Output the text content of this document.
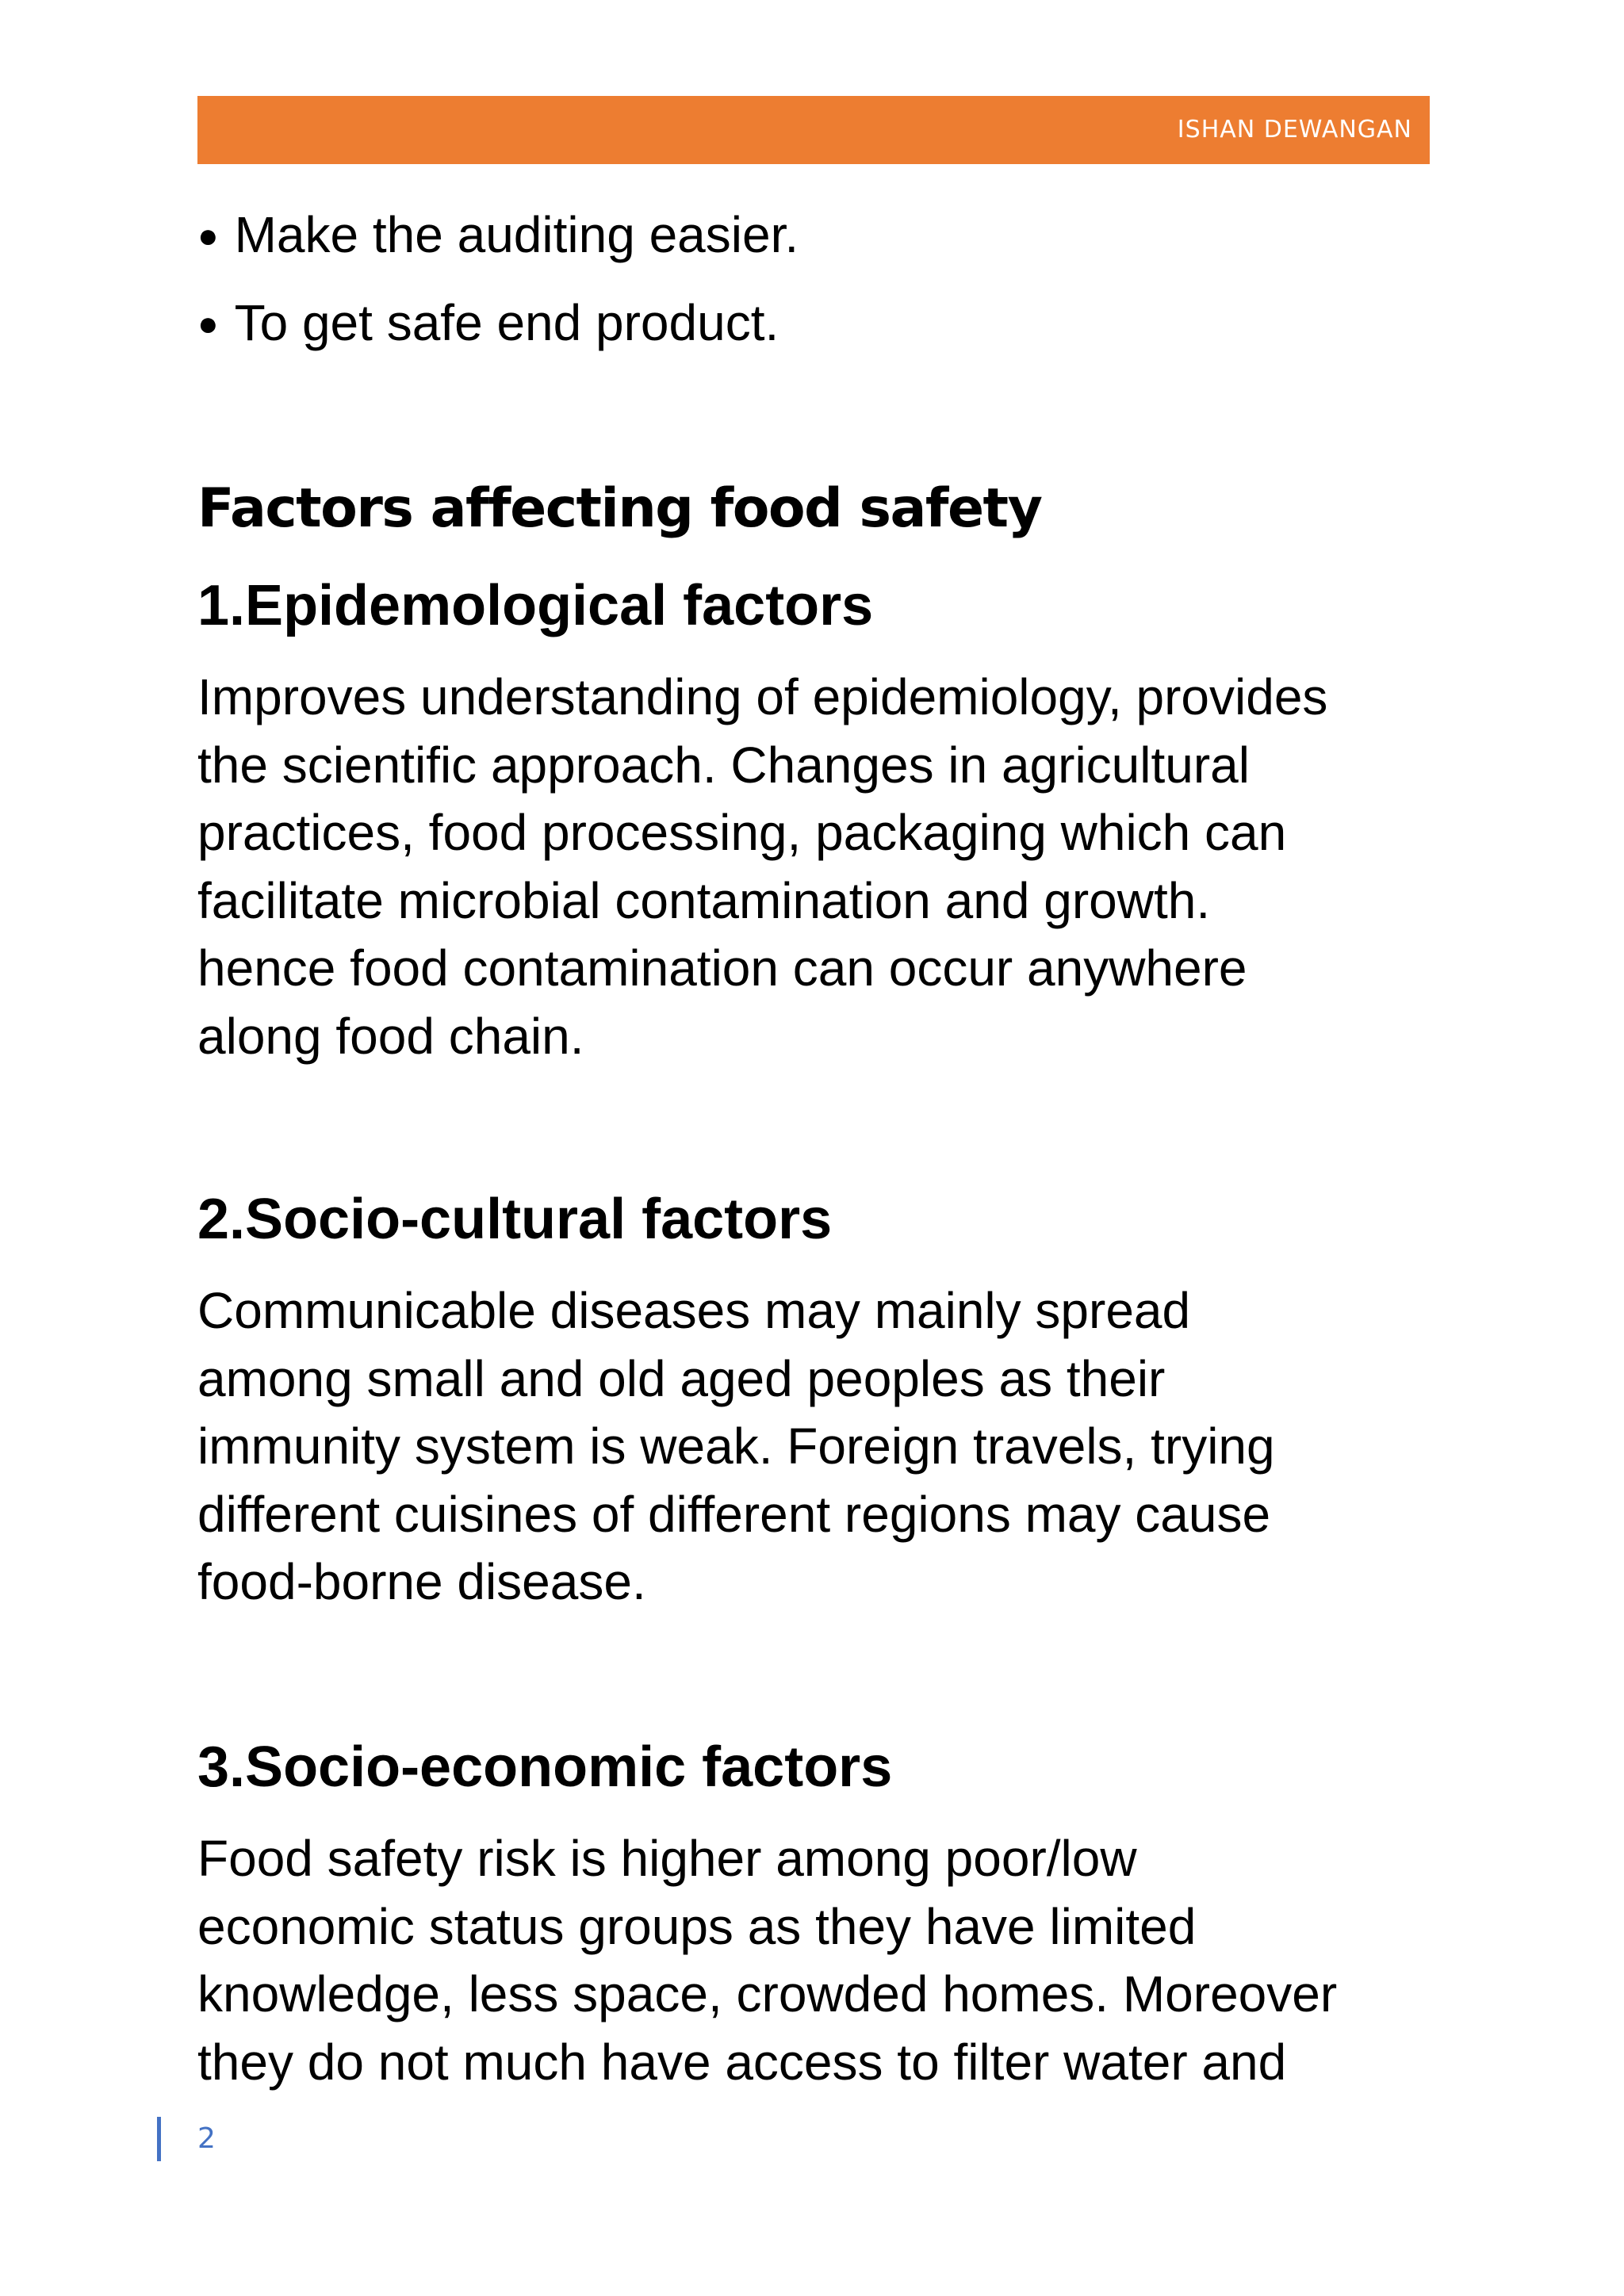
ISHAN DEWANGAN
● Make the auditing easier.
● To get safe end product.
Factors affecting food safety
1.Epidemological factors
Improves understanding of epidemiology, provides
the scientific approach. Changes in agricultural
practices, food processing, packaging which can
facilitate microbial contamination and growth.
hence food contamination can occur anywhere
along food chain.
2.Socio-cultural factors
Communicable diseases may mainly spread
among small and old aged peoples as their
immunity system is weak. Foreign travels, trying
different cuisines of different regions may cause
food-borne disease.
3.Socio-economic factors
Food safety risk is higher among poor/low
economic status groups as they have limited
knowledge, less space, crowded homes. Moreover
they do not much have access to filter water and
2
